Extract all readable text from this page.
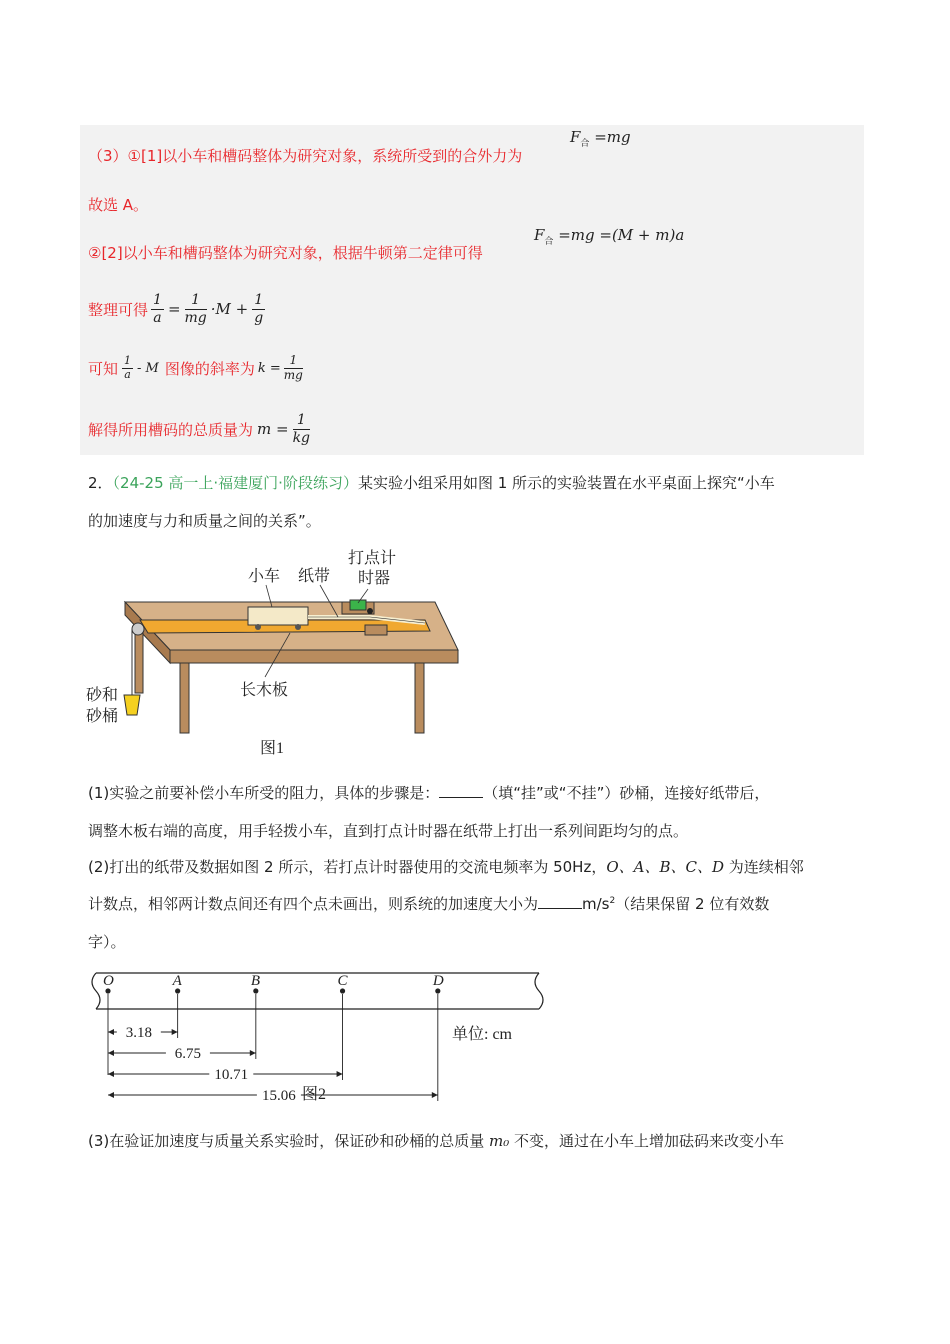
（3）①[1]以小车和槽码整体为研究对象，系统所受到的合外力为
$F_合 =mg$
故选 A。
②[2]以小车和槽码整体为研究对象，根据牛顿第二定律可得
$F_合 =mg =(M + m)a$
整理可得 $\frac{1}{a} = \frac{1}{mg} \cdot M + \frac{1}{g}$
可知 $\frac{1}{a}$ - M 图像的斜率为 $k = \frac{1}{mg}$
解得所用槽码的总质量为 $m = \frac{1}{kg}$
2．（24-25 高一上·福建厦门·阶段练习）某实验小组采用如图 1 所示的实验装置在水平桌面上探究“小车
的加速度与力和质量之间的关系”。
小车 纸带
打点计
时器
长木板
砂和
砂桶
图1
(1)实验之前要补偿小车所受的阻力，具体的步骤是：	（填“挂”或“不挂”）砂桶，连接好纸带后，
调整木板右端的高度，用手轻拨小车，直到打点计时器在纸带上打出一系列间距均匀的点。
(2)打出的纸带及数据如图 2 所示，若打点计时器使用的交流电频率为 50Hz，O、A、B、C、D 为连续相邻
计数点，相邻两计数点间还有四个点未画出，则系统的加速度大小为	$m/s^2$（结果保留 2 位有效数
字）。
O	A	B	C	D
3.18
6.75
10.71
15.06
单位: cm
图2
(3)在验证加速度与质量关系实验时，保证砂和砂桶的总质量 m₀ 不变，通过在小车上增加砝码来改变小车
